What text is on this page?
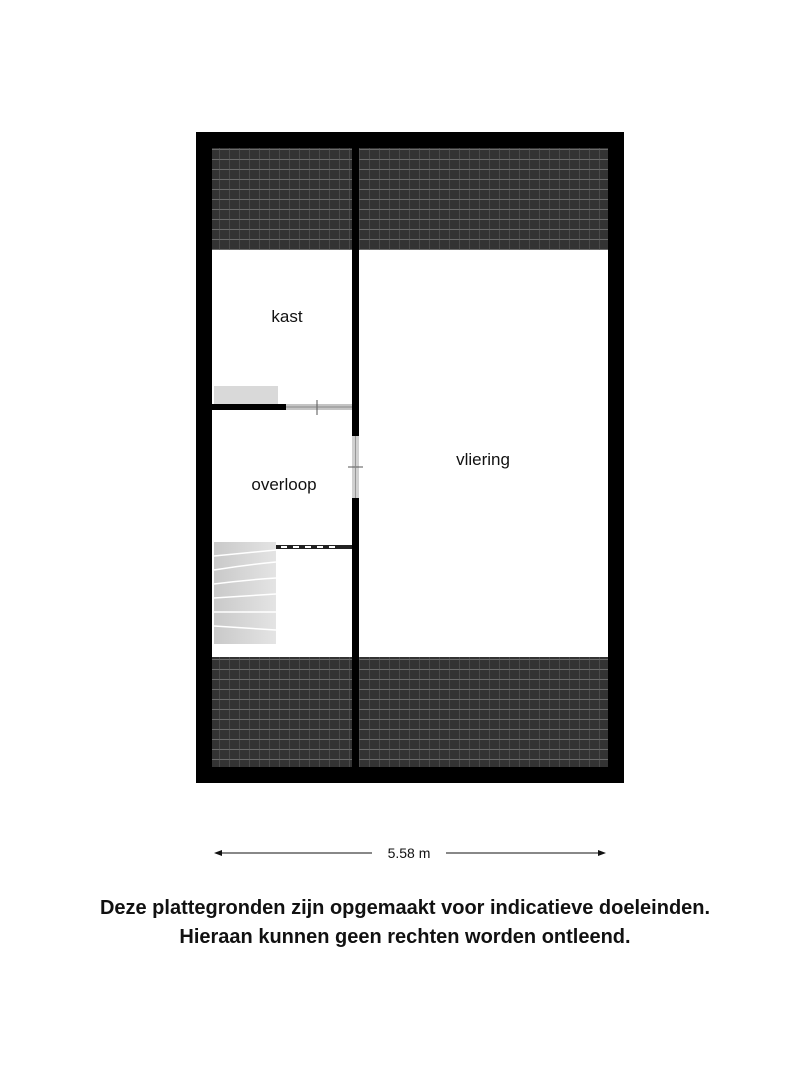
kast
overloop
vliering
5.58 m
Deze plattegronden zijn opgemaakt voor indicatieve doeleinden.
Hieraan kunnen geen rechten worden ontleend.
